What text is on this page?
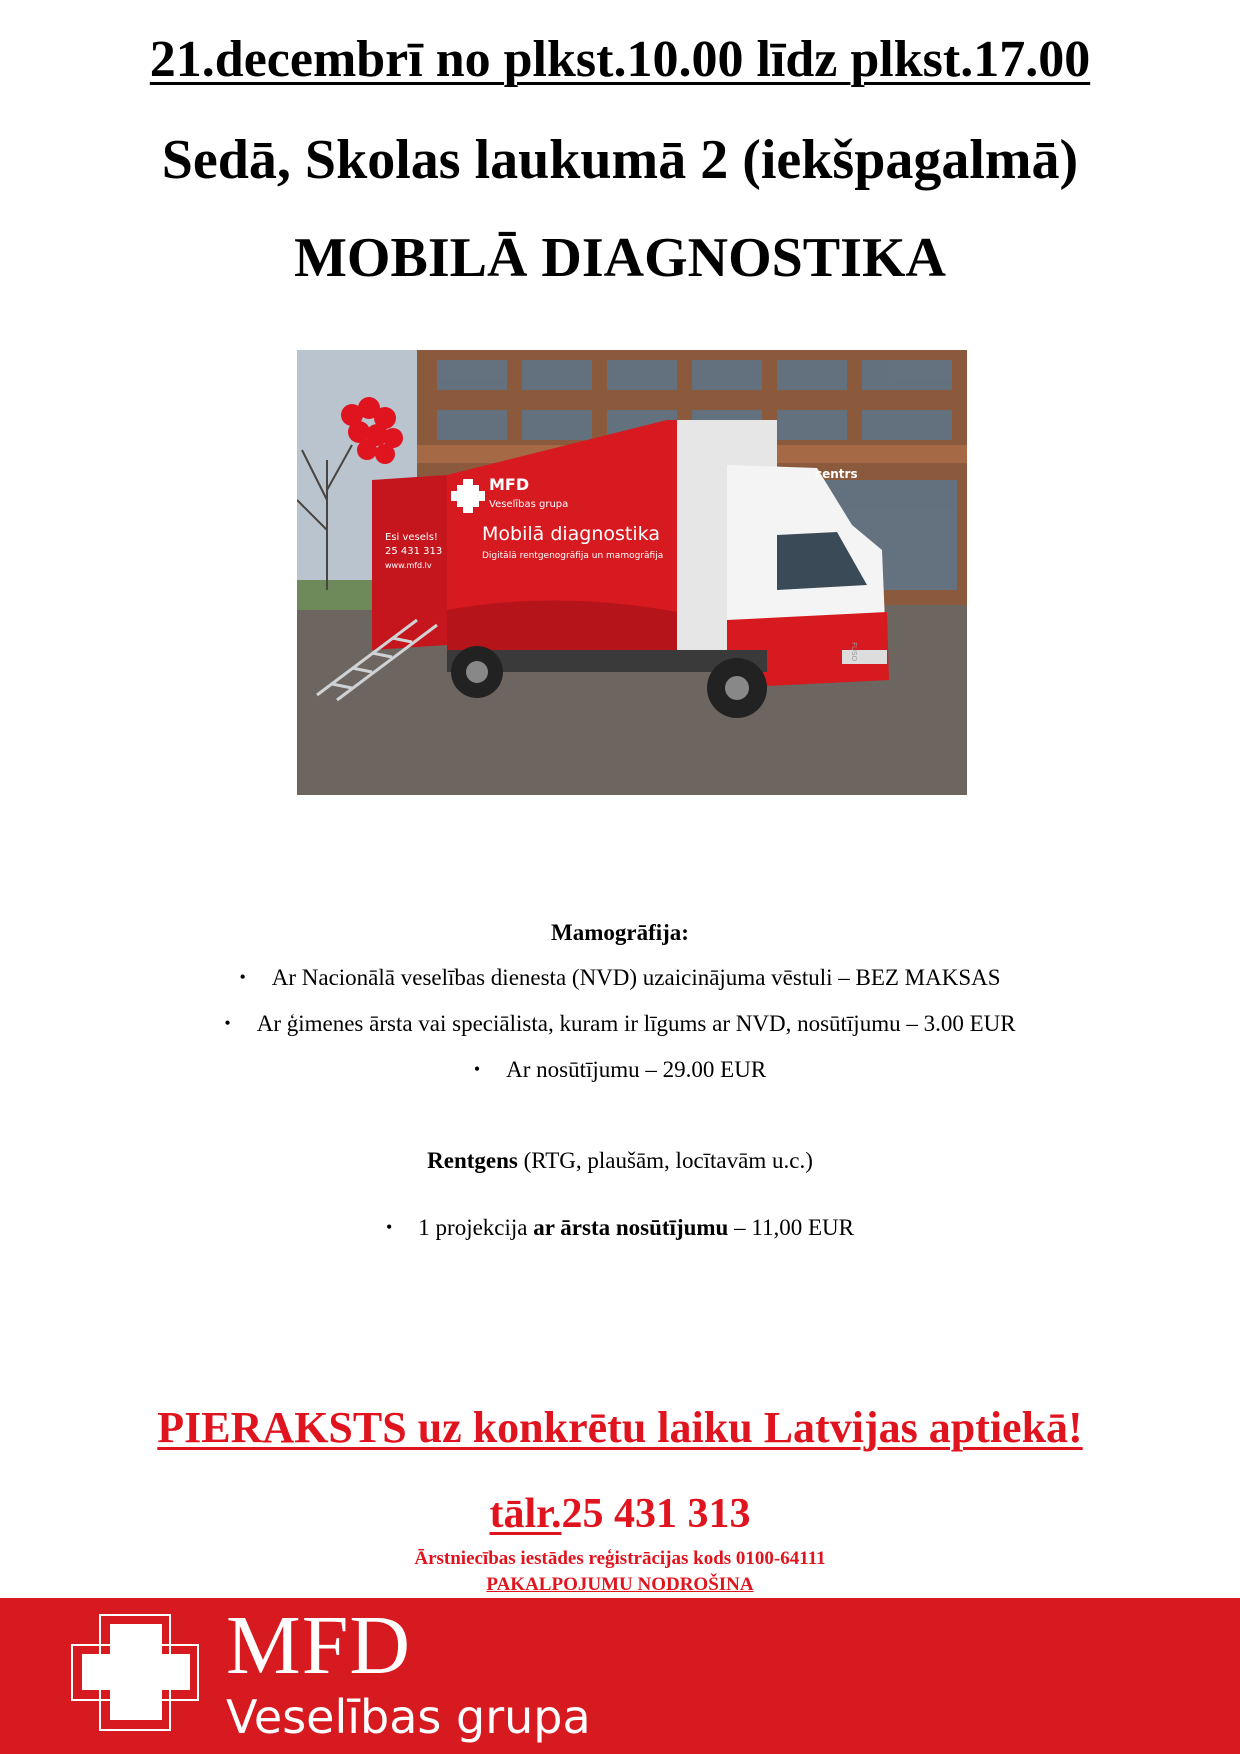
21.decembrī no plkst.10.00 līdz plkst.17.00
Sedā, Skolas laukumā 2 (iekšpagalmā)
MOBILĀ DIAGNOSTIKA
MFD
Veselības grupa
Mobilā diagnostika
Digitālā rentgenogrāfija un mamogrāfija
Esi vesels!
25 431 313
www.mfd.lv
centrs
FUSO
Mamogrāfija:
• Ar Nacionālā veselības dienesta (NVD) uzaicinājuma vēstuli – BEZ MAKSAS
• Ar ģimenes ārsta vai speciālista, kuram ir līgums ar NVD, nosūtījumu – 3.00 EUR
• Ar nosūtījumu – 29.00 EUR
Rentgens (RTG, plaušām, locītavām u.c.)
• 1 projekcija ar ārsta nosūtījumu – 11,00 EUR
PIERAKSTS uz konkrētu laiku Latvijas aptiekā!
tālr.25 431 313
Ārstniecības iestādes reģistrācijas kods 0100-64111
PAKALPOJUMU NODROŠINA
MFD
Veselības grupa
